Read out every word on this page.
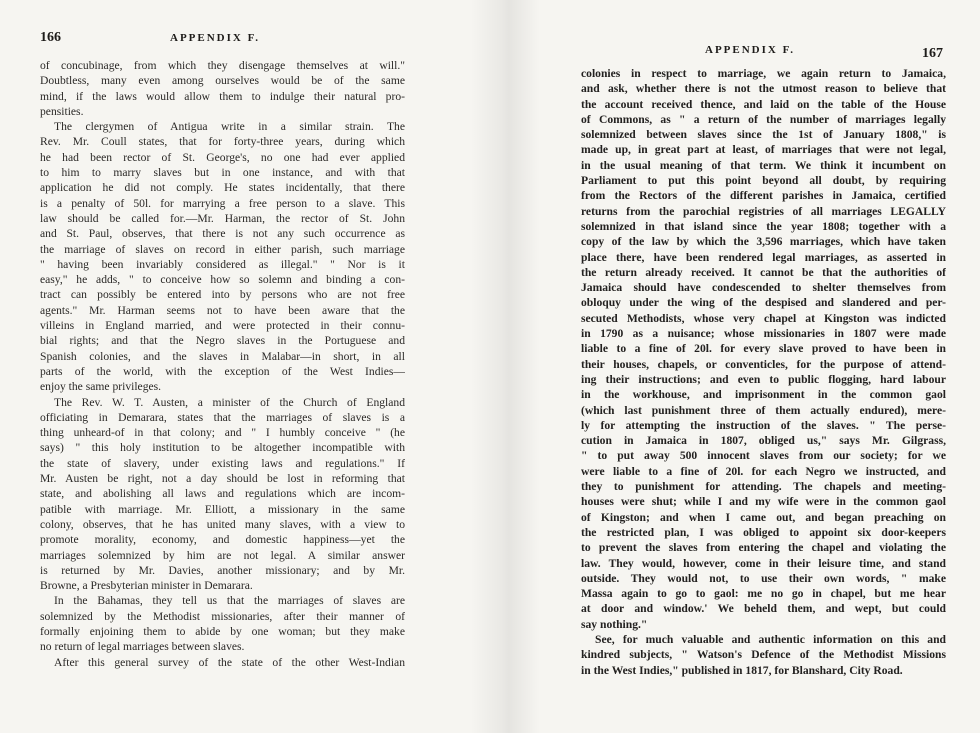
166	APPENDIX F.
of concubinage, from which they disengage themselves at will."
Doubtless, many even among ourselves would be of the same
mind, if the laws would allow them to indulge their natural pro-
pensities.
The clergymen of Antigua write in a similar strain. The
Rev. Mr. Coull states, that for forty-three years, during which
he had been rector of St. George's, no one had ever applied
to him to marry slaves but in one instance, and with that
application he did not comply. He states incidentally, that there
is a penalty of 50l. for marrying a free person to a slave. This
law should be called for.—Mr. Harman, the rector of St. John
and St. Paul, observes, that there is not any such occurrence as
the marriage of slaves on record in either parish, such marriage
" having been invariably considered as illegal." " Nor is it
easy," he adds, " to conceive how so solemn and binding a con-
tract can possibly be entered into by persons who are not free
agents." Mr. Harman seems not to have been aware that the
villeins in England married, and were protected in their connu-
bial rights; and that the Negro slaves in the Portuguese and
Spanish colonies, and the slaves in Malabar—in short, in all
parts of the world, with the exception of the West Indies—
enjoy the same privileges.
The Rev. W. T. Austen, a minister of the Church of England
officiating in Demarara, states that the marriages of slaves is a
thing unheard-of in that colony; and " I humbly conceive " (he
says) " this holy institution to be altogether incompatible with
the state of slavery, under existing laws and regulations." If
Mr. Austen be right, not a day should be lost in reforming that
state, and abolishing all laws and regulations which are incom-
patible with marriage. Mr. Elliott, a missionary in the same
colony, observes, that he has united many slaves, with a view to
promote morality, economy, and domestic happiness—yet the
marriages solemnized by him are not legal. A similar answer
is returned by Mr. Davies, another missionary; and by Mr.
Browne, a Presbyterian minister in Demarara.
In the Bahamas, they tell us that the marriages of slaves are
solemnized by the Methodist missionaries, after their manner of
formally enjoining them to abide by one woman; but they make
no return of legal marriages between slaves.
After this general survey of the state of the other West-Indian
APPENDIX F.	167
colonies in respect to marriage, we again return to Jamaica,
and ask, whether there is not the utmost reason to believe that
the account received thence, and laid on the table of the House
of Commons, as " a return of the number of marriages legally
solemnized between slaves since the 1st of January 1808," is
made up, in great part at least, of marriages that were not legal,
in the usual meaning of that term. We think it incumbent on
Parliament to put this point beyond all doubt, by requiring
from the Rectors of the different parishes in Jamaica, certified
returns from the parochial registries of all marriages LEGALLY
solemnized in that island since the year 1808; together with a
copy of the law by which the 3,596 marriages, which have taken
place there, have been rendered legal marriages, as asserted in
the return already received. It cannot be that the authorities of
Jamaica should have condescended to shelter themselves from
obloquy under the wing of the despised and slandered and per-
secuted Methodists, whose very chapel at Kingston was indicted
in 1790 as a nuisance; whose missionaries in 1807 were made
liable to a fine of 20l. for every slave proved to have been in
their houses, chapels, or conventicles, for the purpose of attend-
ing their instructions; and even to public flogging, hard labour
in the workhouse, and imprisonment in the common gaol
(which last punishment three of them actually endured), mere-
ly for attempting the instruction of the slaves. " The perse-
cution in Jamaica in 1807, obliged us," says Mr. Gilgrass,
" to put away 500 innocent slaves from our society; for we
were liable to a fine of 20l. for each Negro we instructed, and
they to punishment for attending. The chapels and meeting-
houses were shut; while I and my wife were in the common gaol
of Kingston; and when I came out, and began preaching on
the restricted plan, I was obliged to appoint six door-keepers
to prevent the slaves from entering the chapel and violating the
law. They would, however, come in their leisure time, and stand
outside. They would not, to use their own words, " make
Massa again to go to gaol: me no go in chapel, but me hear
at door and window.' We beheld them, and wept, but could
say nothing."
See, for much valuable and authentic information on this and
kindred subjects, " Watson's Defence of the Methodist Missions
in the West Indies," published in 1817, for Blanshard, City Road.
